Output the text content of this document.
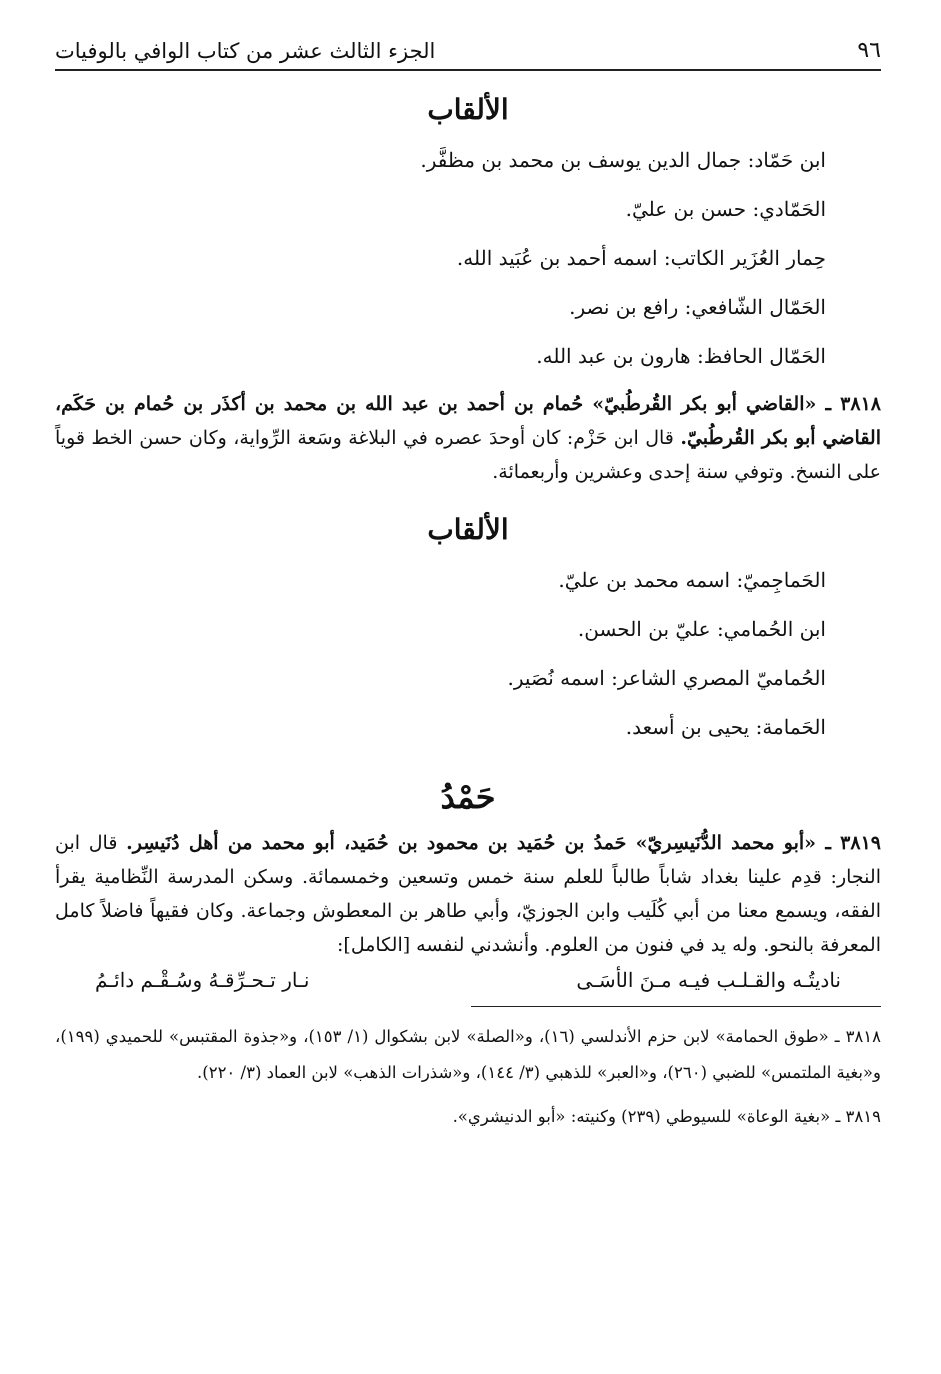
٩٦
الجزء الثالث عشر من كتاب الوافي بالوفيات
الألقاب
ابن حَمّاد: جمال الدين يوسف بن محمد بن مظفَّر.
الحَمّادي: حسن بن عليّ.
حِمار العُزَير الكاتب: اسمه أحمد بن عُبَيد الله.
الحَمّال الشّافعي: رافع بن نصر.
الحَمّال الحافظ: هارون بن عبد الله.
٣٨١٨ ـ «القاضي أبو بكر القُرطُبيّ» حُمام بن أحمد بن عبد الله بن محمد بن أكذَر بن حُمام بن حَكَم، القاضي أبو بكر القُرطُبيّ. قال ابن حَزْم: كان أوحدَ عصره في البلاغة وسَعة الرِّواية، وكان حسن الخط قوياً على النسخ. وتوفي سنة إحدى وعشرين وأربعمائة.
الألقاب
الحَماجِميّ: اسمه محمد بن عليّ.
ابن الحُمامي: عليّ بن الحسن.
الحُماميّ المصري الشاعر: اسمه نُصَير.
الحَمامة: يحيى بن أسعد.
حَمْدُ
٣٨١٩ ـ «أبو محمد الدُّنَيسِريّ» حَمدُ بن حُمَيد بن محمود بن حُمَيد، أبو محمد من أهل دُنَيسِر. قال ابن النجار: قدِم علينا بغداد شاباً طالباً للعلم سنة خمس وتسعين وخمسمائة. وسكن المدرسة النِّظامية يقرأ الفقه، ويسمع معنا من أبي كُلَيب وابن الجوزيّ، وأبي طاهر بن المعطوش وجماعة. وكان فقيهاً فاضلاً كامل المعرفة بالنحو. وله يد في فنون من العلوم. وأنشدني لنفسه [الكامل]:
ناديتُـه والقـلـب فيـه مـنَ الأسَـى
نـار تـحـرِّقـهُ وسُـقْـم دائـمُ
٣٨١٨ ـ «طوق الحمامة» لابن حزم الأندلسي (١٦)، و«الصلة» لابن بشكوال (١/ ١٥٣)، و«جذوة المقتبس» للحميدي (١٩٩)، و«بغية الملتمس» للضبي (٢٦٠)، و«العبر» للذهبي (٣/ ١٤٤)، و«شذرات الذهب» لابن العماد (٣/ ٢٢٠).
٣٨١٩ ـ «بغية الوعاة» للسيوطي (٢٣٩) وكنيته: «أبو الدنيشري».
